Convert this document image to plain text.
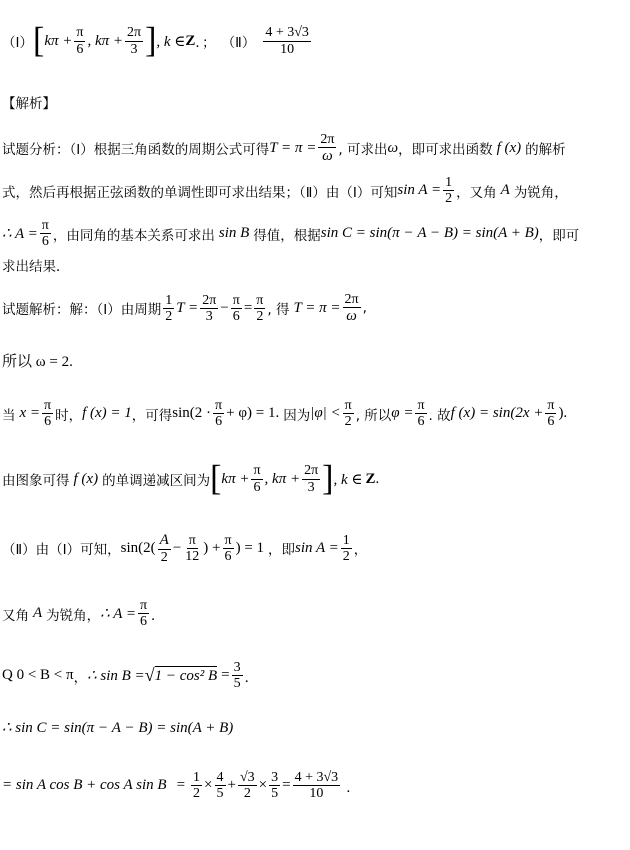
（Ⅰ） [ $k\pi + \frac{\pi}{6}$ , $k\pi + \frac{2\pi}{3}$ ] , k ∈ Z ．； （Ⅱ） $\frac{4 + 3√3}{10}$
【解析】
试题分析：（Ⅰ）根据三角函数的周期公式可得 $T = \pi = \frac{2\pi}{\omega}$ , 可求出 ω ，即可求出函数 f (x) 的解析
式，然后再根据正弦函数的单调性即可求出结果；（Ⅱ）由（Ⅰ）可知 $\sin A = \frac{1}{2}$ ，又角 A 为锐角，
∴ $A = \frac{\pi}{6}$ ，由同角的基本关系可求出 sin B 得值，根据 sin C = sin(π − A − B) = sin(A + B) ，即可
求出结果．
试题解析：解：（Ⅰ）由周期 $\frac{1}{2}$ $T = \frac{2\pi}{3} - \frac{\pi}{6} = \frac{\pi}{2}$ , 得 $T = \pi = \frac{2\pi}{\omega}$ ,
所以 ω = 2.
当 $x = \frac{\pi}{6}$ 时， f (x) = 1 ，可得 $\sin(2 \cdot \frac{\pi}{6} + \varphi) = 1$. 因为 $|\varphi| < \frac{\pi}{2}$ , 所以 $\varphi = \frac{\pi}{6}$ . 故 f $(x) = \sin(2x + \frac{\pi}{6}$ ).
由图象可得 f (x) 的单调递减区间为 [ $k\pi + \frac{\pi}{6}$ , $k\pi + \frac{2\pi}{3}$ ] , k ∈ Z .
（Ⅱ）由（Ⅰ）可知， $\sin(2( \frac{A}{2} - \frac{\pi}{12}$ ) + $\frac{\pi}{6}$ ) = 1 ，即 $\sin A = \frac{1}{2}$ ，
又角 A 为锐角， ∴ $A = \frac{\pi}{6}$ ．
Q 0 < B < π ， ∴ sin B = √ 1 − cos² $B = \frac{3}{5}$ ．
∴ sin C = sin(π − A − B) = sin(A + B)
= sin A cos B + cos A $\sin B = \frac{1}{2} \times \frac{4}{5} + \frac{√3}{2} \times \frac{3}{5} = \frac{4 + 3√3}{10}$ ．
